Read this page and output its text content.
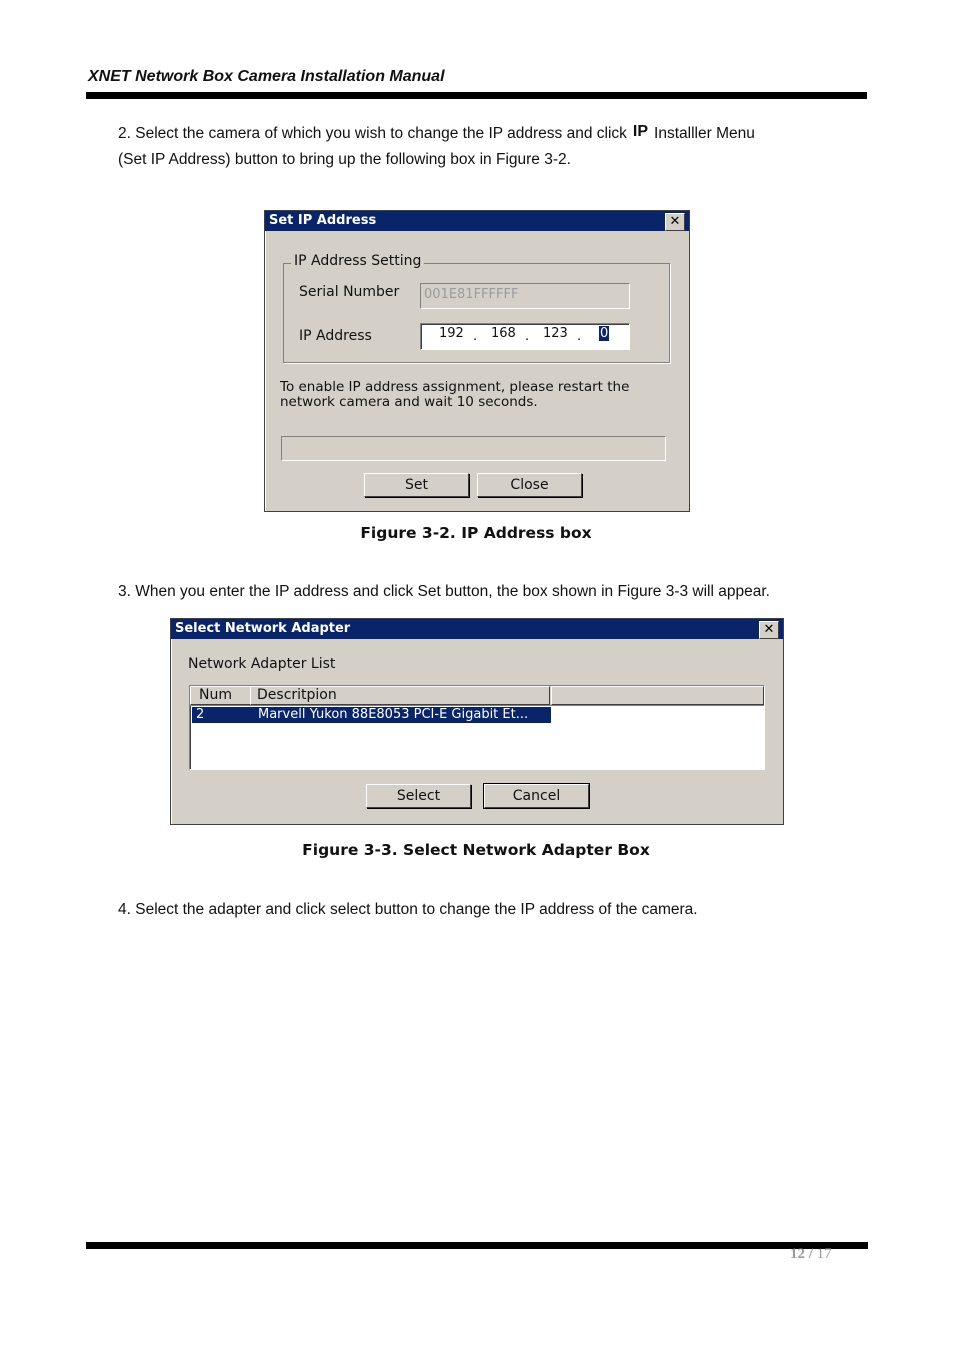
XNET Network Box Camera Installation Manual
2. Select the camera of which you wish to change the IP address and click IP Installler Menu
(Set IP Address) button to bring up the following box in Figure 3-2.
Set IP Address	✕
IP Address Setting
Serial Number 001E81FFFFFF
IP Address	192 . 168 . 123 . 0
To enable IP address assignment, please restart the
network camera and wait 10 seconds.
Set	Close
Figure 3-2. IP Address box
3. When you enter the IP address and click Set button, the box shown in Figure 3-3 will appear.
Select Network Adapter	✕
Network Adapter List
Num	Descritpion
2	Marvell Yukon 88E8053 PCI-E Gigabit Et...
Select	Cancel
Figure 3-3. Select Network Adapter Box
4. Select the adapter and click select button to change the IP address of the camera.
12 / 17
